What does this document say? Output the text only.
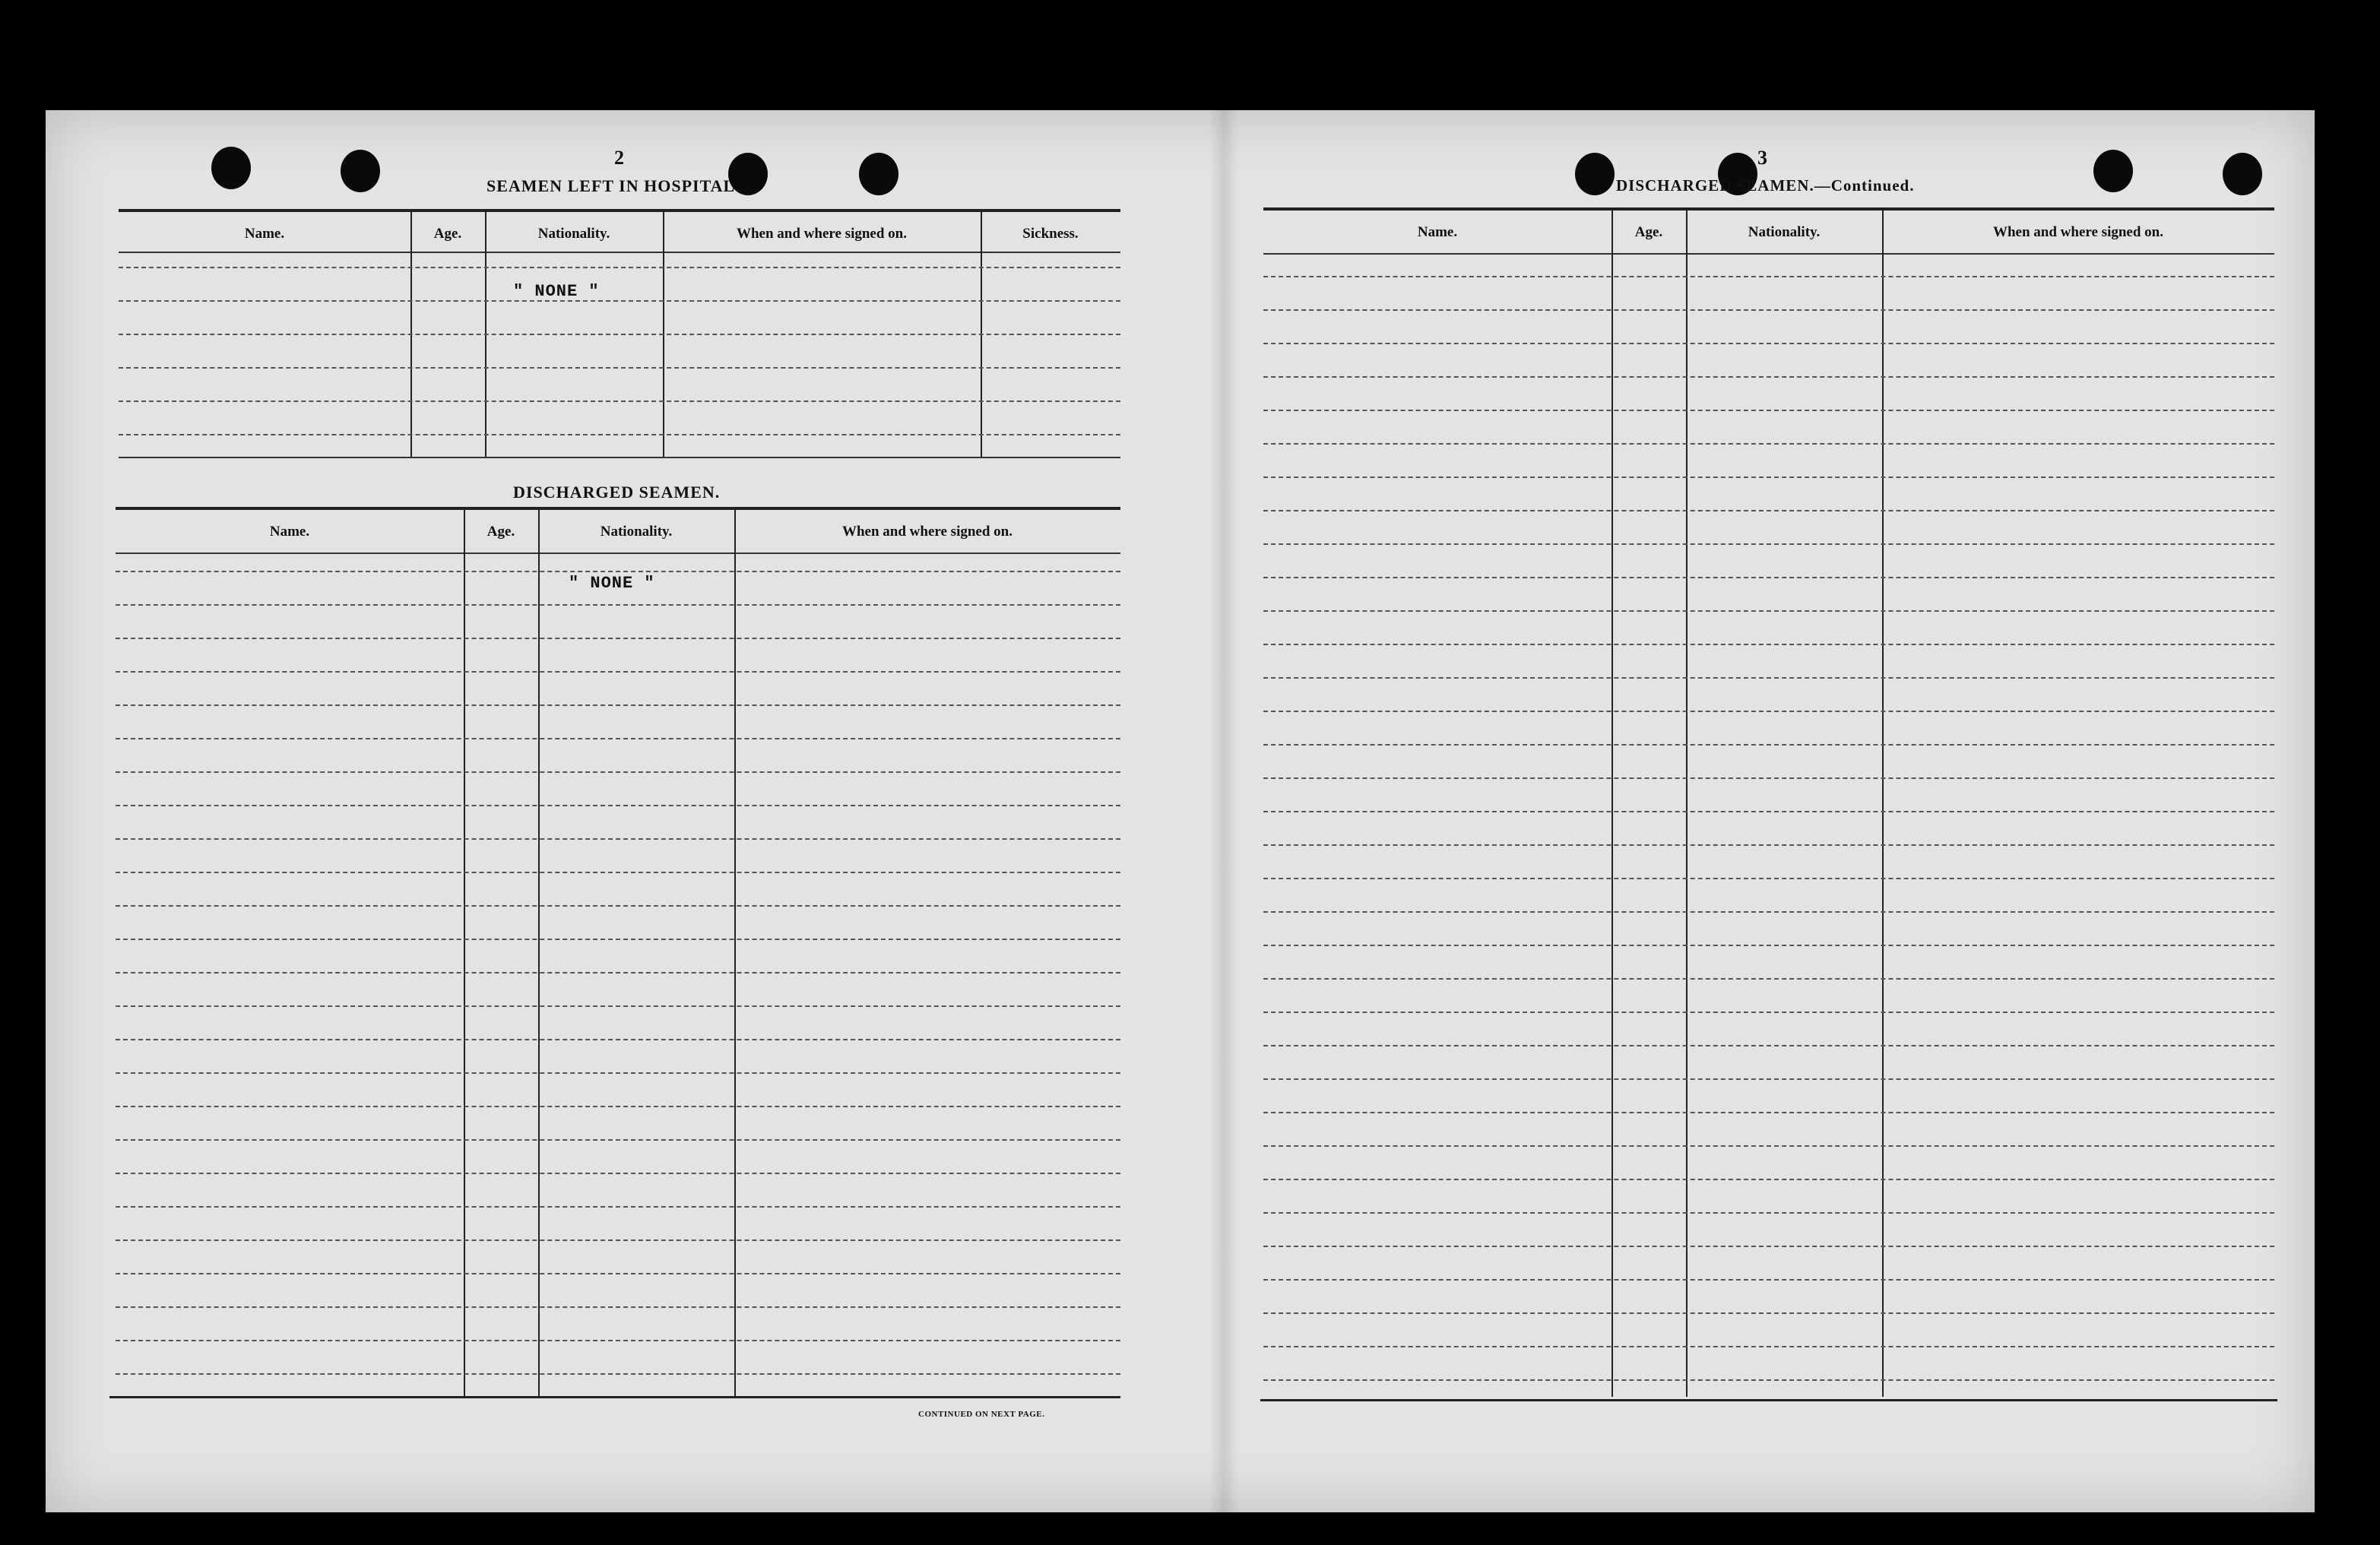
2
SEAMEN LEFT IN HOSPITAL.
Name.	Age.	Nationality.	When and where signed on.	Sickness.
" NONE "
DISCHARGED SEAMEN.
Name.	Age.	Nationality.	When and where signed on.
" NONE "
CONTINUED ON NEXT PAGE.
3
DISCHARGED SEAMEN.—Continued.
Name.	Age.	Nationality.	When and where signed on.
